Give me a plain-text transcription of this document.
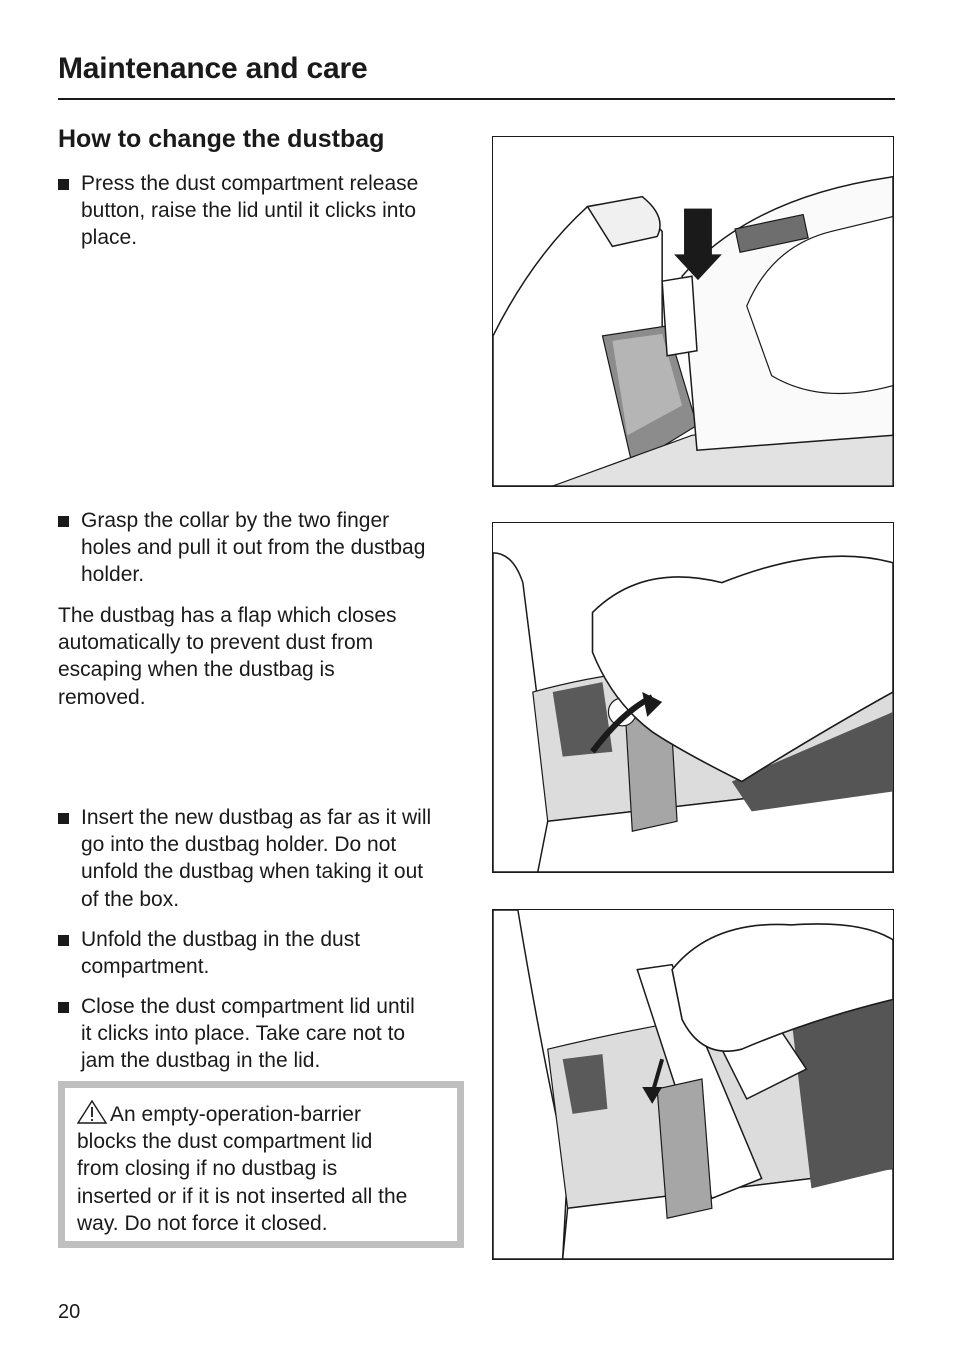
Maintenance and care
How to change the dustbag
Press the dust compartment release
button, raise the lid until it clicks into
place.
Grasp the collar by the two finger
holes and pull it out from the dustbag
holder.

The dustbag has a flap which closes
automatically to prevent dust from
escaping when the dustbag is
removed.

Insert the new dustbag as far as it will
go into the dustbag holder. Do not
unfold the dustbag when taking it out
of the box.
Unfold the dustbag in the dust
compartment.
Close the dust compartment lid until
it clicks into place. Take care not to
jam the dustbag in the lid.
An empty-operation-barrier
blocks the dust compartment lid
from closing if no dustbag is
inserted or if it is not inserted all the
way. Do not force it closed.
20
